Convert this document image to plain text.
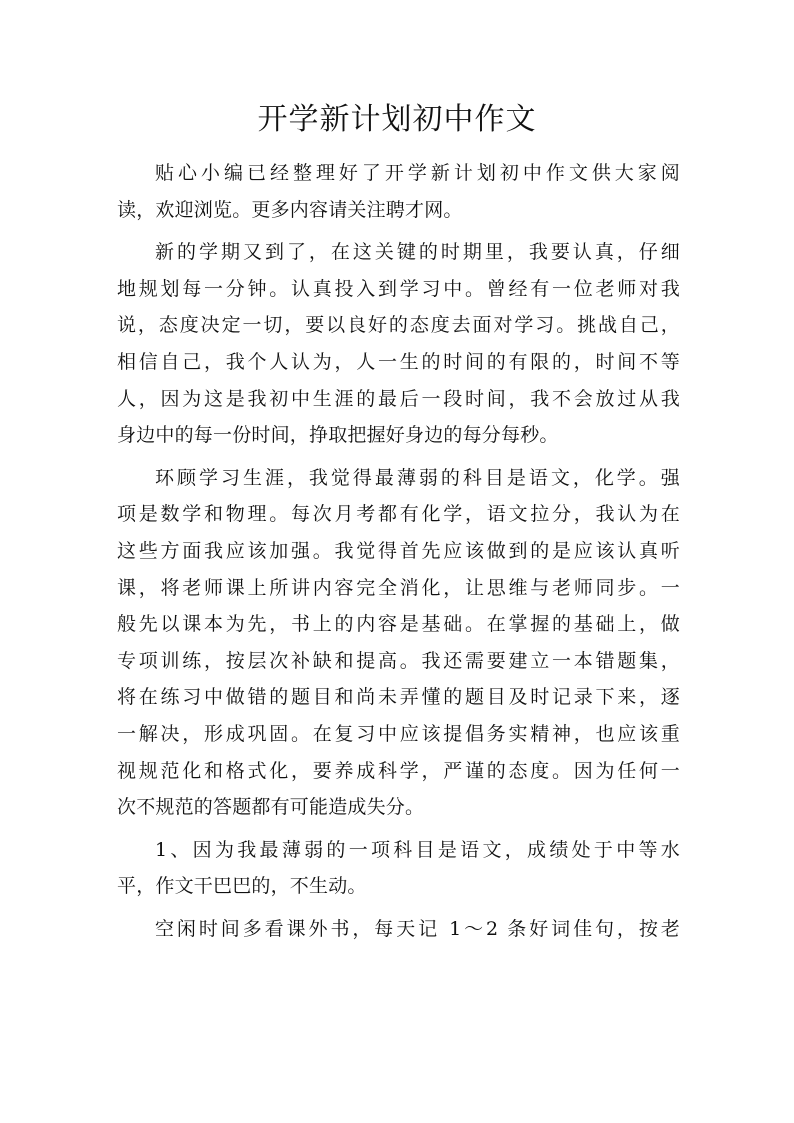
开学新计划初中作文
贴心小编已经整理好了开学新计划初中作文供大家阅
读，欢迎浏览。更多内容请关注聘才网。
新的学期又到了，在这关键的时期里，我要认真，仔细
地规划每一分钟。认真投入到学习中。曾经有一位老师对我
说，态度决定一切，要以良好的态度去面对学习。挑战自己，
相信自己，我个人认为，人一生的时间的有限的，时间不等
人，因为这是我初中生涯的最后一段时间，我不会放过从我
身边中的每一份时间，挣取把握好身边的每分每秒。
环顾学习生涯，我觉得最薄弱的科目是语文，化学。强
项是数学和物理。每次月考都有化学，语文拉分，我认为在
这些方面我应该加强。我觉得首先应该做到的是应该认真听
课，将老师课上所讲内容完全消化，让思维与老师同步。一
般先以课本为先，书上的内容是基础。在掌握的基础上，做
专项训练，按层次补缺和提高。我还需要建立一本错题集，
将在练习中做错的题目和尚未弄懂的题目及时记录下来，逐
一解决，形成巩固。在复习中应该提倡务实精神，也应该重
视规范化和格式化，要养成科学，严谨的态度。因为任何一
次不规范的答题都有可能造成失分。
1、因为我最薄弱的一项科目是语文，成绩处于中等水
平，作文干巴巴的，不生动。
空闲时间多看课外书，每天记 1～2 条好词佳句，按老
